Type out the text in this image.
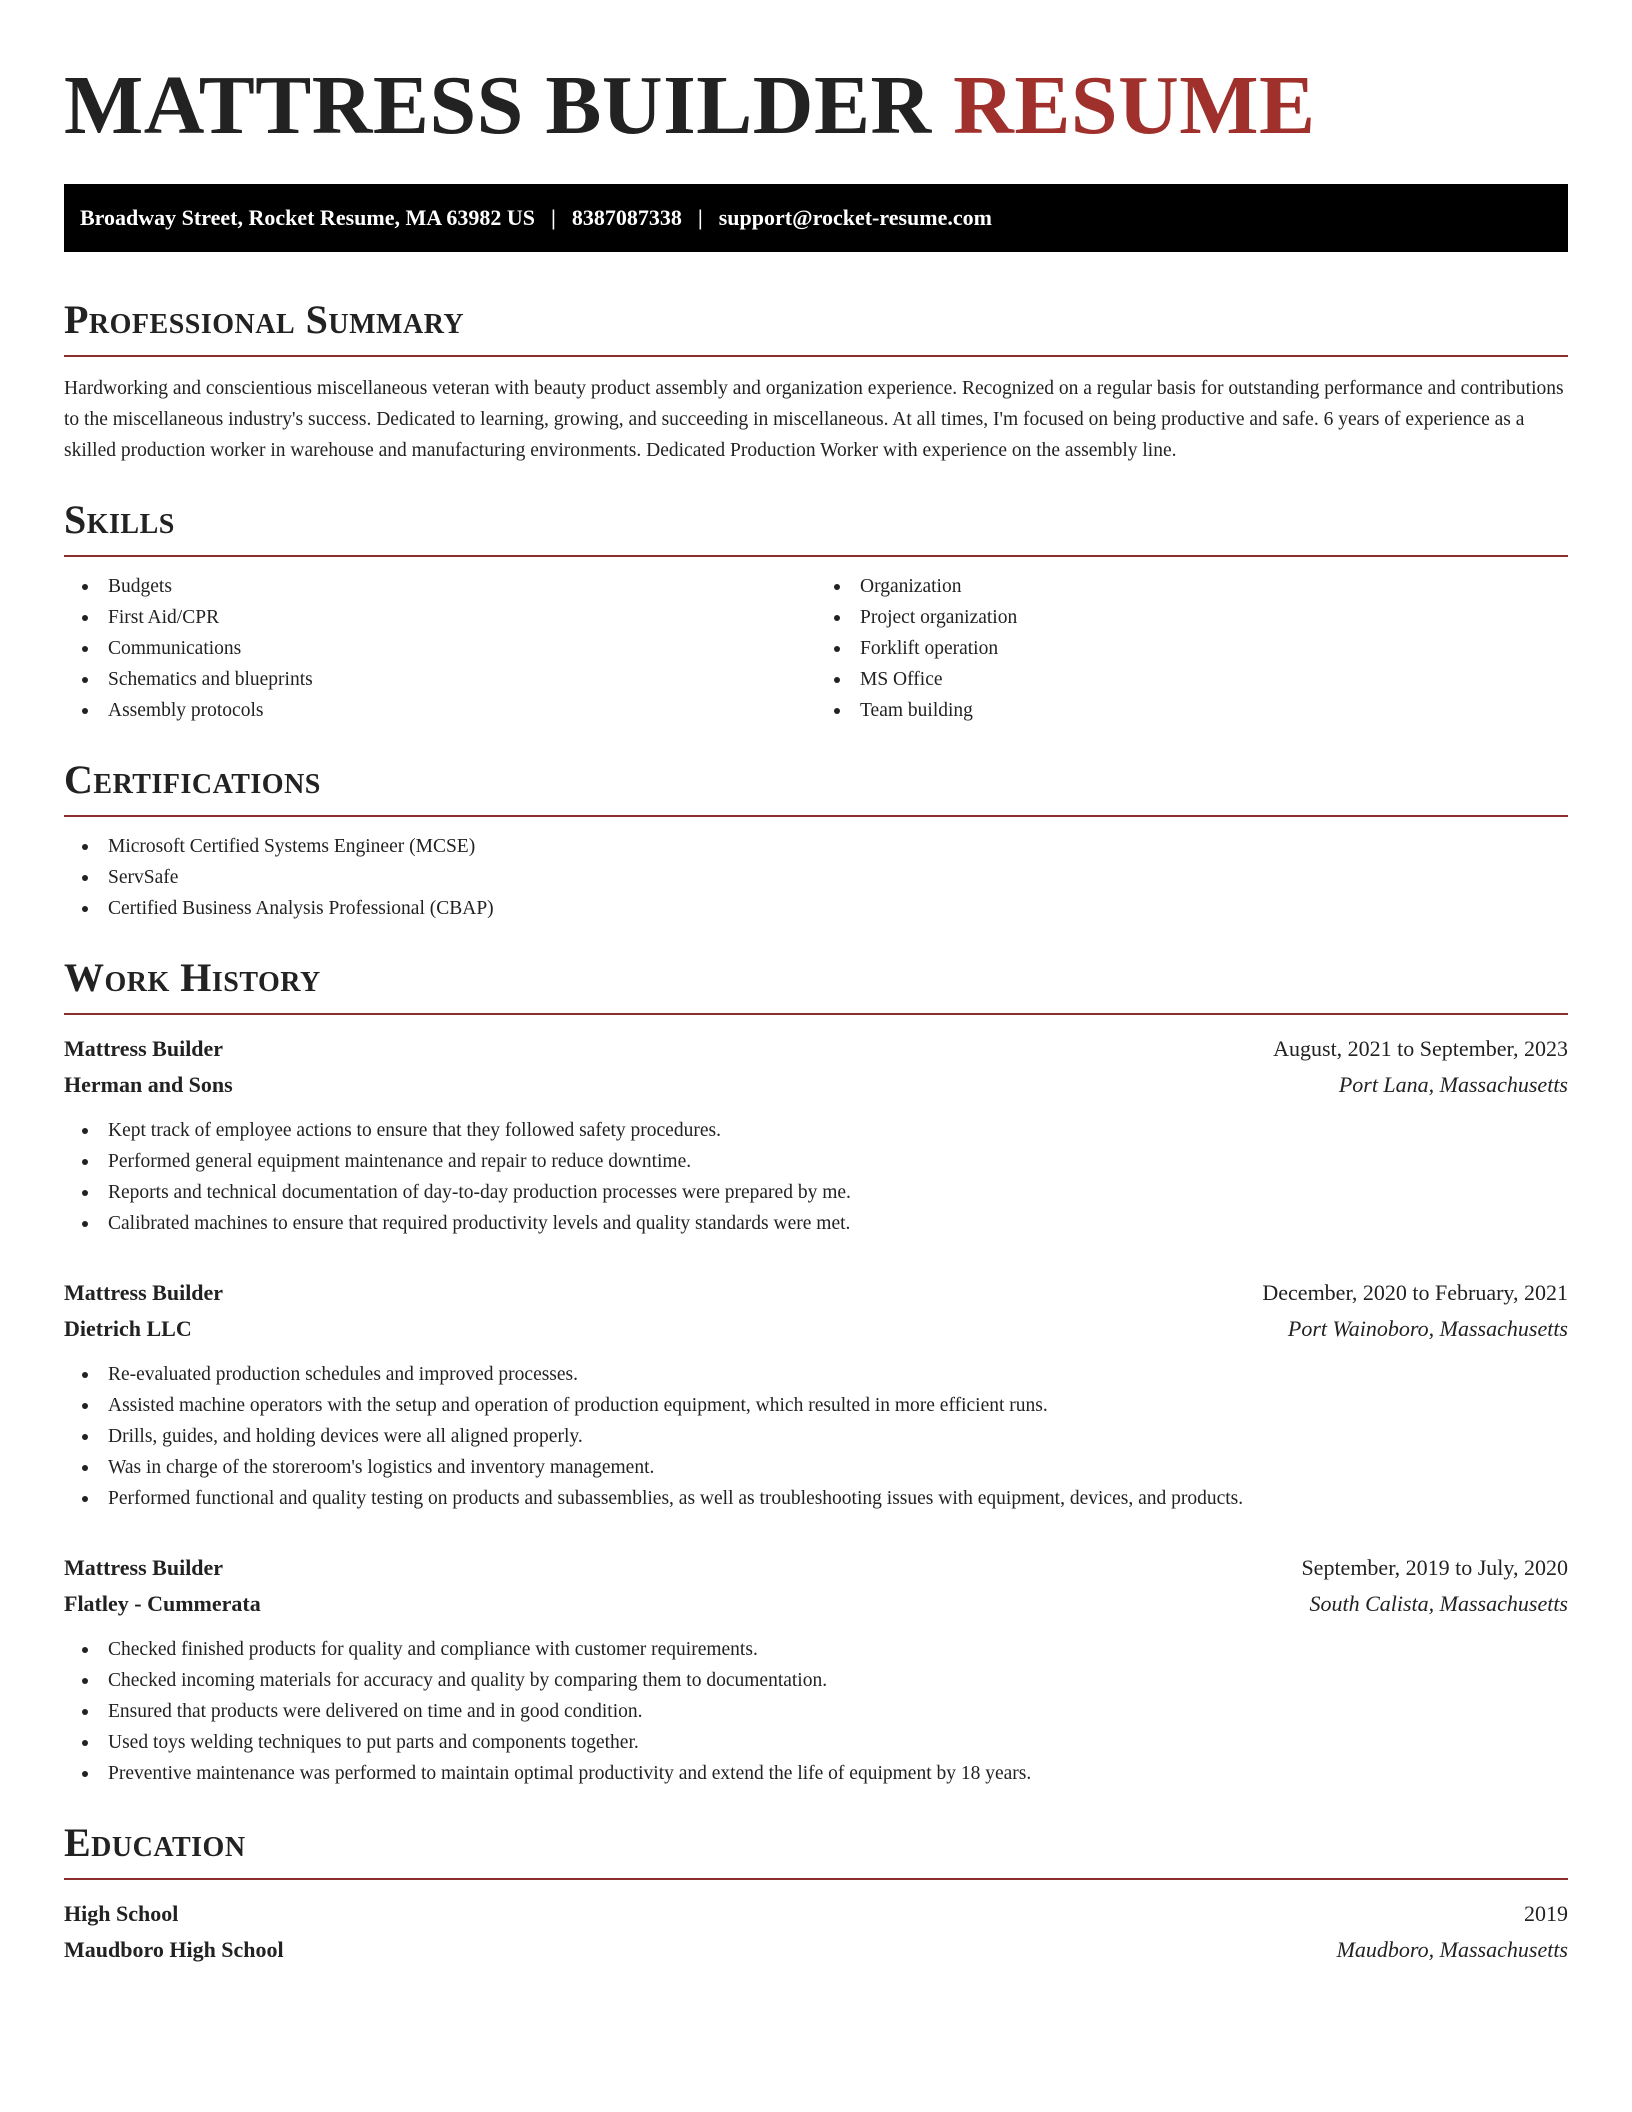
MATTRESS BUILDER RESUME
Broadway Street, Rocket Resume, MA 63982 US | 8387087338 | support@rocket-resume.com
Professional Summary

Hardworking and conscientious miscellaneous veteran with beauty product assembly and organization experience. Recognized on a regular basis for outstanding performance and contributions to the miscellaneous industry's success. Dedicated to learning, growing, and succeeding in miscellaneous. At all times, I'm focused on being productive and safe. 6 years of experience as a skilled production worker in warehouse and manufacturing environments. Dedicated Production Worker with experience on the assembly line.

Skills
Budgets
First Aid/CPR
Communications
Schematics and blueprints
Assembly protocols
Organization
Project organization
Forklift operation
MS Office
Team building
Certifications
Microsoft Certified Systems Engineer (MCSE)
ServSafe
Certified Business Analysis Professional (CBAP)
Work History
Mattress Builder	August, 2021 to September, 2023
Herman and Sons	Port Lana, Massachusetts
Kept track of employee actions to ensure that they followed safety procedures.
Performed general equipment maintenance and repair to reduce downtime.
Reports and technical documentation of day-to-day production processes were prepared by me.
Calibrated machines to ensure that required productivity levels and quality standards were met.
Mattress Builder	December, 2020 to February, 2021
Dietrich LLC	Port Wainoboro, Massachusetts
Re-evaluated production schedules and improved processes.
Assisted machine operators with the setup and operation of production equipment, which resulted in more efficient runs.
Drills, guides, and holding devices were all aligned properly.
Was in charge of the storeroom's logistics and inventory management.
Performed functional and quality testing on products and subassemblies, as well as troubleshooting issues with equipment, devices, and products.
Mattress Builder	September, 2019 to July, 2020
Flatley - Cummerata	South Calista, Massachusetts
Checked finished products for quality and compliance with customer requirements.
Checked incoming materials for accuracy and quality by comparing them to documentation.
Ensured that products were delivered on time and in good condition.
Used toys welding techniques to put parts and components together.
Preventive maintenance was performed to maintain optimal productivity and extend the life of equipment by 18 years.
Education
High School	2019
Maudboro High School	Maudboro, Massachusetts
